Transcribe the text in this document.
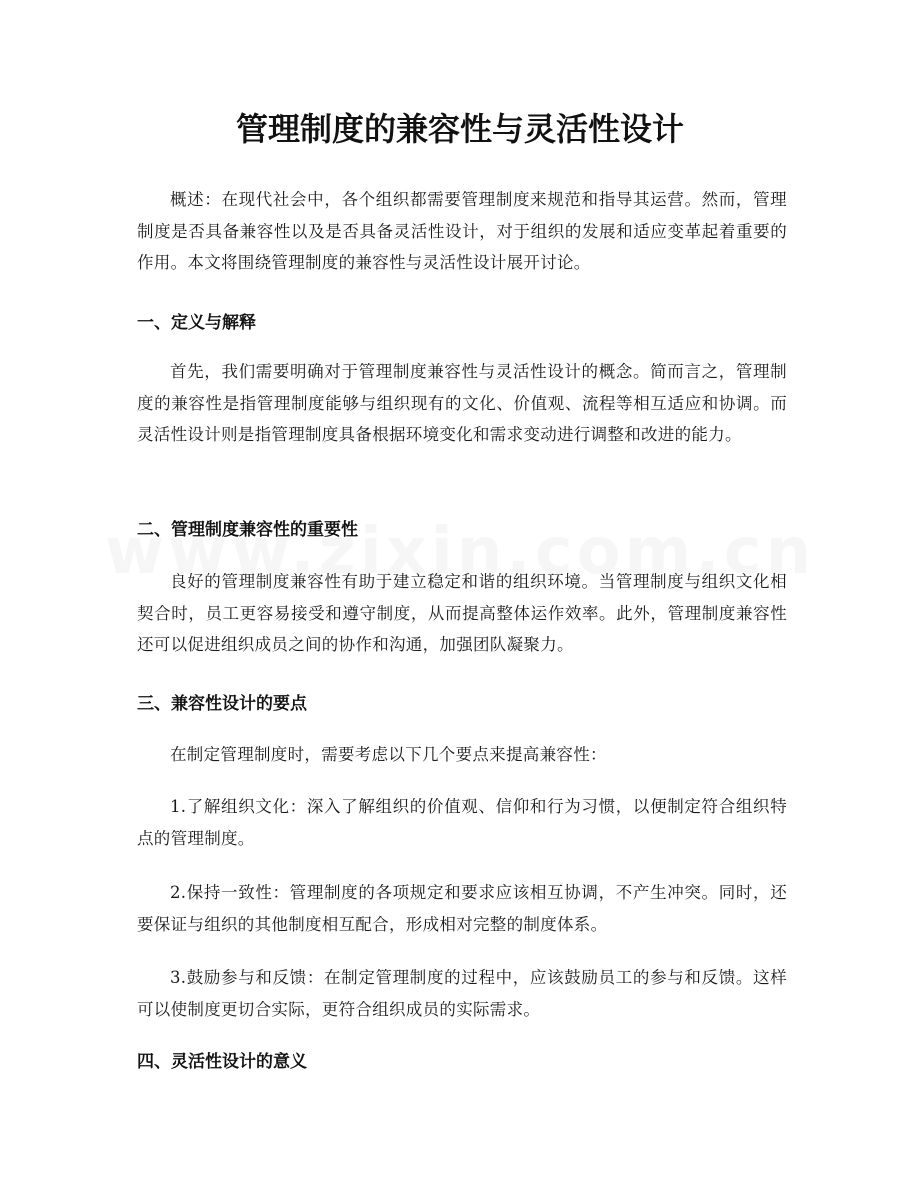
管理制度的兼容性与灵活性设计

概述：在现代社会中，各个组织都需要管理制度来规范和指导其运营。然而，管理制度是否具备兼容性以及是否具备灵活性设计，对于组织的发展和适应变革起着重要的作用。本文将围绕管理制度的兼容性与灵活性设计展开讨论。

一、定义与解释

首先，我们需要明确对于管理制度兼容性与灵活性设计的概念。简而言之，管理制度的兼容性是指管理制度能够与组织现有的文化、价值观、流程等相互适应和协调。而灵活性设计则是指管理制度具备根据环境变化和需求变动进行调整和改进的能力。

二、管理制度兼容性的重要性

良好的管理制度兼容性有助于建立稳定和谐的组织环境。当管理制度与组织文化相契合时，员工更容易接受和遵守制度，从而提高整体运作效率。此外，管理制度兼容性还可以促进组织成员之间的协作和沟通，加强团队凝聚力。

三、兼容性设计的要点

在制定管理制度时，需要考虑以下几个要点来提高兼容性：

1.了解组织文化：深入了解组织的价值观、信仰和行为习惯，以便制定符合组织特点的管理制度。

2.保持一致性：管理制度的各项规定和要求应该相互协调，不产生冲突。同时，还要保证与组织的其他制度相互配合，形成相对完整的制度体系。

3.鼓励参与和反馈：在制定管理制度的过程中，应该鼓励员工的参与和反馈。这样可以使制度更切合实际，更符合组织成员的实际需求。

四、灵活性设计的意义
